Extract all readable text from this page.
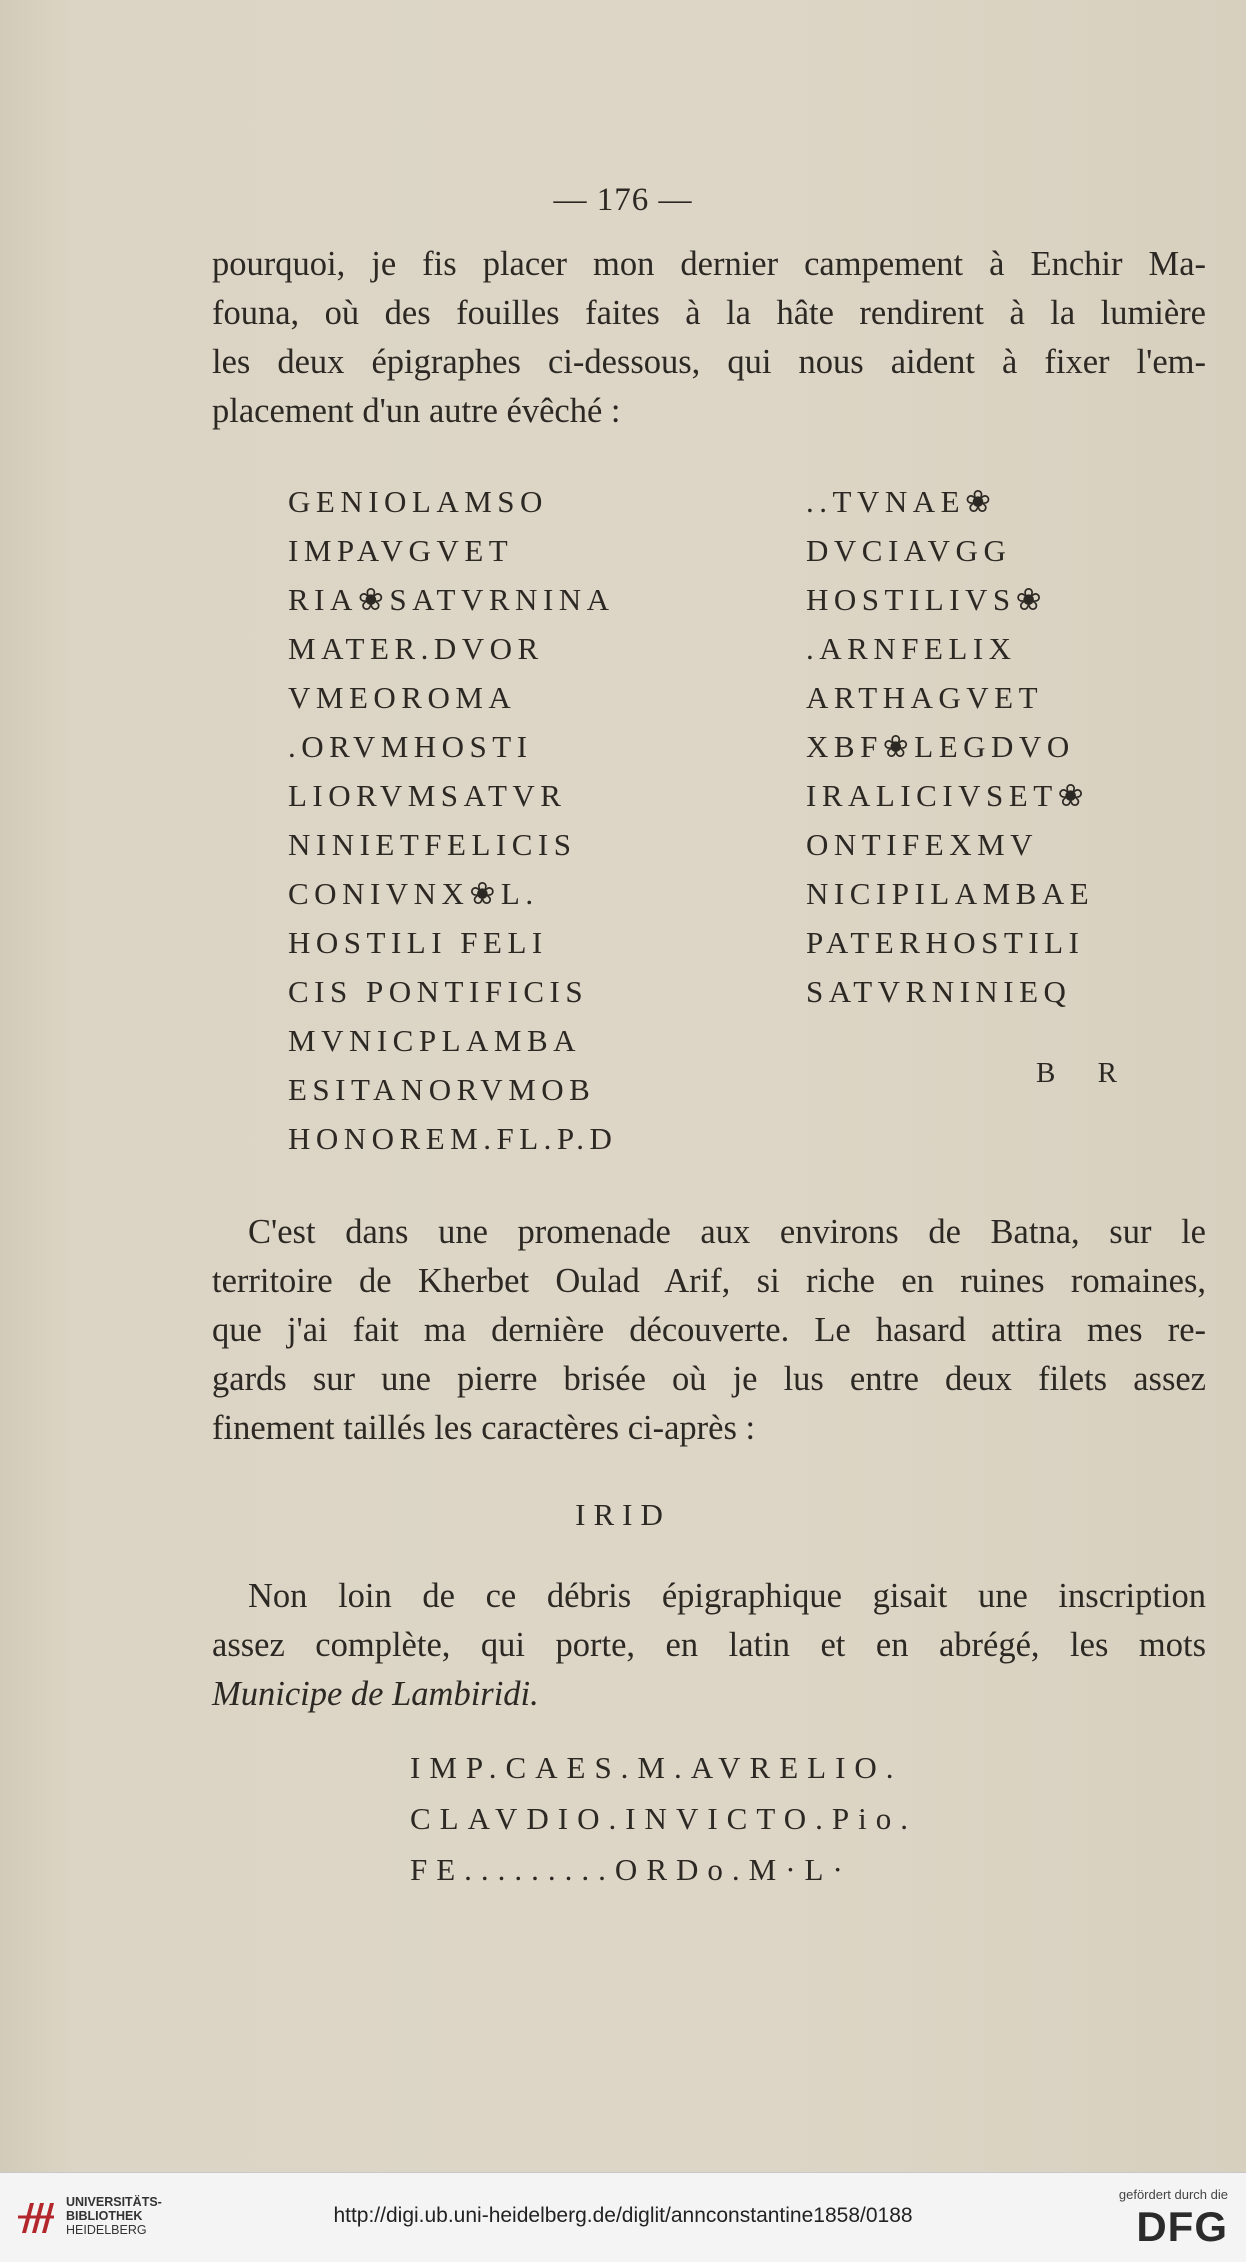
— 176 —
pourquoi, je fis placer mon dernier campement à Enchir Ma-
founa, où des fouilles faites à la hâte rendirent à la lumière
les deux épigraphes ci-dessous, qui nous aident à fixer l'em-
placement d'un autre évêché :
GENIOLAMSO
IMPAVGVET
RIA❀SATVRNINA
MATER.DVOR
VMEOROMA
.ORVMHOSTI
LIORVMSATVR
NINIETFELICIS
CONIVNX❀L.
HOSTILI FELI
CIS PONTIFICIS
MVNICPLAMBA
ESITANORVMOB
HONOREM.FL.P.D
..TVNAE❀
DVCIAVGG
HOSTILIVS❀
.ARNFELIX
ARTHAGVET
XBF❀LEGDVO
IRALICIVSET❀
ONTIFEXMV
NICIPILAMBAE
PATERHOSTILI
SATVRNINIEQ
B     R
C'est dans une promenade aux environs de Batna, sur le
territoire de Kherbet Oulad Arif, si riche en ruines romaines,
que j'ai fait ma dernière découverte. Le hasard attira mes re-
gards sur une pierre brisée où je lus entre deux filets assez
finement taillés les caractères ci-après :
IRID
Non loin de ce débris épigraphique gisait une inscription
assez complète, qui porte, en latin et en abrégé, les mots
Municipe de Lambiridi.
IMP.CAES.M.AVRELIO.
CLAVDIO.INVICTO.Pio.
FE.........ORDo.M·L·
UNIVERSITÄTS-
BIBLIOTHEK
HEIDELBERG
http://digi.ub.uni-heidelberg.de/diglit/annconstantine1858/0188
gefördert durch die
DFG
